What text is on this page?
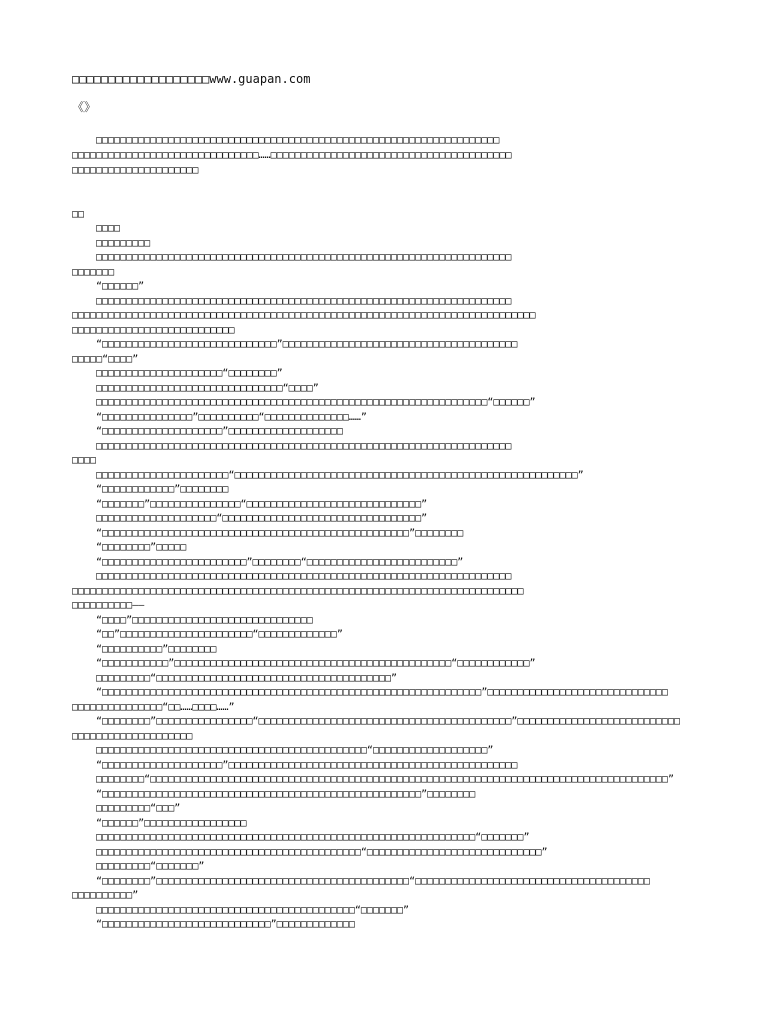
□□□□□□□□□□□□□□□□□□□www.guapan.com
《》
□□□□□□□□□□□□□□□□□□□□□□□□□□□□□□□□□□□□□□□□□□□□□□□□□□□□□□□□□□□□□□□□□□□
□□□□□□□□□□□□□□□□□□□□□□□□□□□□□□□……□□□□□□□□□□□□□□□□□□□□□□□□□□□□□□□□□□□□□□□□
□□□□□□□□□□□□□□□□□□□□□
□□
□□□□
□□□□□□□□□
□□□□□□□□□□□□□□□□□□□□□□□□□□□□□□□□□□□□□□□□□□□□□□□□□□□□□□□□□□□□□□□□□□□□□
□□□□□□□
“□□□□□□”
□□□□□□□□□□□□□□□□□□□□□□□□□□□□□□□□□□□□□□□□□□□□□□□□□□□□□□□□□□□□□□□□□□□□□
□□□□□□□□□□□□□□□□□□□□□□□□□□□□□□□□□□□□□□□□□□□□□□□□□□□□□□□□□□□□□□□□□□□□□□□□□□□□□
□□□□□□□□□□□□□□□□□□□□□□□□□□□
“□□□□□□□□□□□□□□□□□□□□□□□□□□□□□”□□□□□□□□□□□□□□□□□□□□□□□□□□□□□□□□□□□□□□□
□□□□□“□□□□”
□□□□□□□□□□□□□□□□□□□□□“□□□□□□□□”
□□□□□□□□□□□□□□□□□□□□□□□□□□□□□□□“□□□□”
□□□□□□□□□□□□□□□□□□□□□□□□□□□□□□□□□□□□□□□□□□□□□□□□□□□□□□□□□□□□□□□□□“□□□□□□”
“□□□□□□□□□□□□□□□”□□□□□□□□□□“□□□□□□□□□□□□□□……”
“□□□□□□□□□□□□□□□□□□□□”□□□□□□□□□□□□□□□□□□□
□□□□□□□□□□□□□□□□□□□□□□□□□□□□□□□□□□□□□□□□□□□□□□□□□□□□□□□□□□□□□□□□□□□□□
□□□□
□□□□□□□□□□□□□□□□□□□□□□“□□□□□□□□□□□□□□□□□□□□□□□□□□□□□□□□□□□□□□□□□□□□□□□□□□□□□□□□□”
“□□□□□□□□□□□□”□□□□□□□□
“□□□□□□□”□□□□□□□□□□□□□□□“□□□□□□□□□□□□□□□□□□□□□□□□□□□□□”
□□□□□□□□□□□□□□□□□□□□“□□□□□□□□□□□□□□□□□□□□□□□□□□□□□□□□□”
“□□□□□□□□□□□□□□□□□□□□□□□□□□□□□□□□□□□□□□□□□□□□□□□□□□□”□□□□□□□□
“□□□□□□□□”□□□□□
“□□□□□□□□□□□□□□□□□□□□□□□□”□□□□□□□□“□□□□□□□□□□□□□□□□□□□□□□□□□”
□□□□□□□□□□□□□□□□□□□□□□□□□□□□□□□□□□□□□□□□□□□□□□□□□□□□□□□□□□□□□□□□□□□□□
□□□□□□□□□□□□□□□□□□□□□□□□□□□□□□□□□□□□□□□□□□□□□□□□□□□□□□□□□□□□□□□□□□□□□□□□□□□
□□□□□□□□□□——
“□□□□”□□□□□□□□□□□□□□□□□□□□□□□□□□□□□□
“□□”□□□□□□□□□□□□□□□□□□□□□□“□□□□□□□□□□□□□”
“□□□□□□□□□□”□□□□□□□□
“□□□□□□□□□□□”□□□□□□□□□□□□□□□□□□□□□□□□□□□□□□□□□□□□□□□□□□□□□□“□□□□□□□□□□□□”
□□□□□□□□□“□□□□□□□□□□□□□□□□□□□□□□□□□□□□□□□□□□□□□□□”
“□□□□□□□□□□□□□□□□□□□□□□□□□□□□□□□□□□□□□□□□□□□□□□□□□□□□□□□□□□□□□□□”□□□□□□□□□□□□□□□□□□□□□□□□□□□□□□
□□□□□□□□□□□□□□□“□□……□□□□……”
“□□□□□□□□”□□□□□□□□□□□□□□□□“□□□□□□□□□□□□□□□□□□□□□□□□□□□□□□□□□□□□□□□□□□”□□□□□□□□□□□□□□□□□□□□□□□□□□□
□□□□□□□□□□□□□□□□□□□□
□□□□□□□□□□□□□□□□□□□□□□□□□□□□□□□□□□□□□□□□□□□□□“□□□□□□□□□□□□□□□□□□□”
“□□□□□□□□□□□□□□□□□□□□”□□□□□□□□□□□□□□□□□□□□□□□□□□□□□□□□□□□□□□□□□□□□□□□□
□□□□□□□□“□□□□□□□□□□□□□□□□□□□□□□□□□□□□□□□□□□□□□□□□□□□□□□□□□□□□□□□□□□□□□□□□□□□□□□□□□□□□□□□□□□□□□□”
“□□□□□□□□□□□□□□□□□□□□□□□□□□□□□□□□□□□□□□□□□□□□□□□□□□□□□”□□□□□□□□
□□□□□□□□□“□□□”
“□□□□□□”□□□□□□□□□□□□□□□□□
□□□□□□□□□□□□□□□□□□□□□□□□□□□□□□□□□□□□□□□□□□□□□□□□□□□□□□□□□□□□□□□“□□□□□□□”
□□□□□□□□□□□□□□□□□□□□□□□□□□□□□□□□□□□□□□□□□□□□“□□□□□□□□□□□□□□□□□□□□□□□□□□□□□”
□□□□□□□□□“□□□□□□□”
“□□□□□□□□”□□□□□□□□□□□□□□□□□□□□□□□□□□□□□□□□□□□□□□□□□□“□□□□□□□□□□□□□□□□□□□□□□□□□□□□□□□□□□□□□□□
□□□□□□□□□□”
□□□□□□□□□□□□□□□□□□□□□□□□□□□□□□□□□□□□□□□□□□□“□□□□□□□”
“□□□□□□□□□□□□□□□□□□□□□□□□□□□□”□□□□□□□□□□□□□
